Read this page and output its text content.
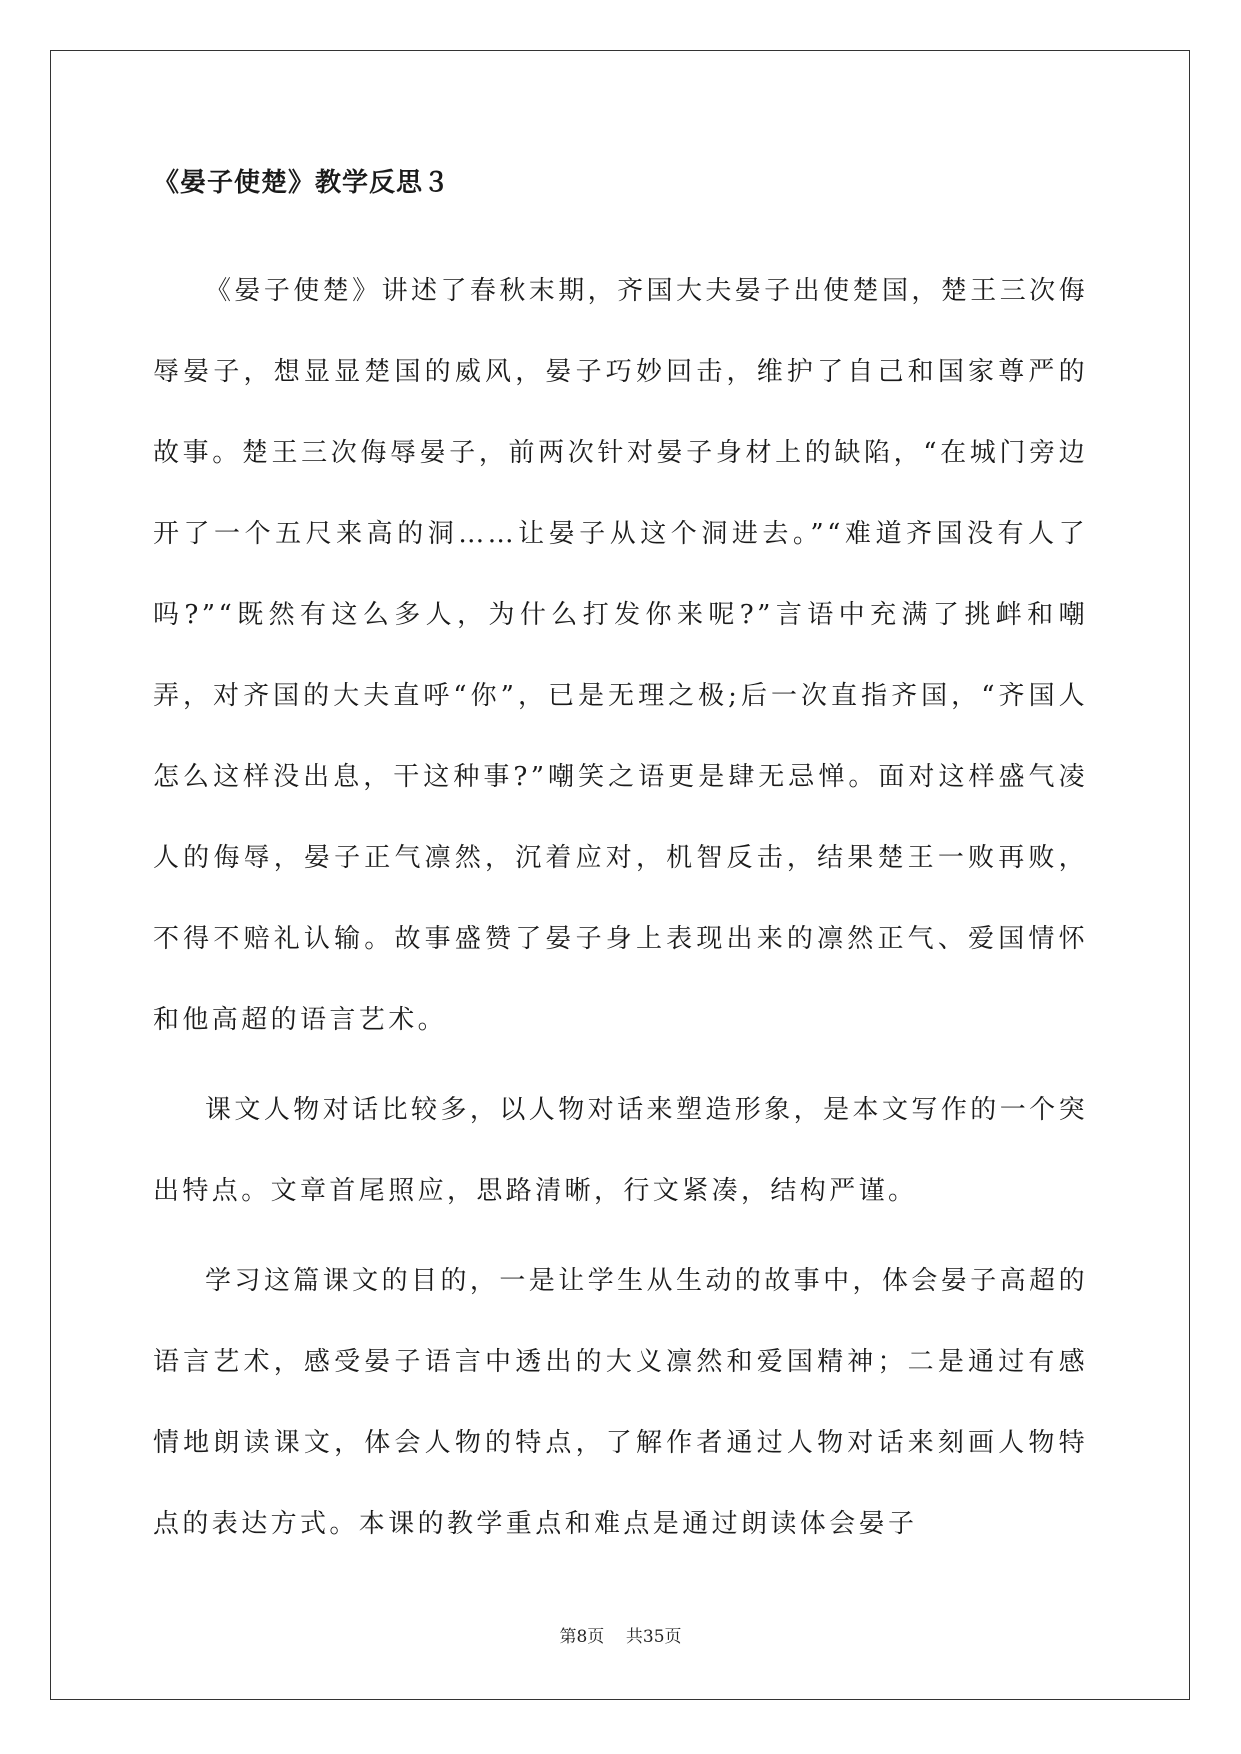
《晏子使楚》教学反思３

《晏子使楚》讲述了春秋末期，齐国大夫晏子出使楚国，楚王三次侮辱晏子，想显显楚国的威风，晏子巧妙回击，维护了自己和国家尊严的故事。楚王三次侮辱晏子，前两次针对晏子身材上的缺陷，“在城门旁边开了一个五尺来高的洞……让晏子从这个洞进去。”“难道齐国没有人了吗?”“既然有这么多人，为什么打发你来呢?”言语中充满了挑衅和嘲弄，对齐国的大夫直呼“你”，已是无理之极;后一次直指齐国，“齐国人怎么这样没出息，干这种事?”嘲笑之语更是肆无忌惮。面对这样盛气凌人的侮辱，晏子正气凛然，沉着应对，机智反击，结果楚王一败再败，不得不赔礼认输。故事盛赞了晏子身上表现出来的凛然正气、爱国情怀和他高超的语言艺术。

课文人物对话比较多，以人物对话来塑造形象，是本文写作的一个突出特点。文章首尾照应，思路清晰，行文紧凑，结构严谨。

学习这篇课文的目的，一是让学生从生动的故事中，体会晏子高超的语言艺术，感受晏子语言中透出的大义凛然和爱国精神；二是通过有感情地朗读课文，体会人物的特点，了解作者通过人物对话来刻画人物特点的表达方式。本课的教学重点和难点是通过朗读体会晏子

第8页 共35页
